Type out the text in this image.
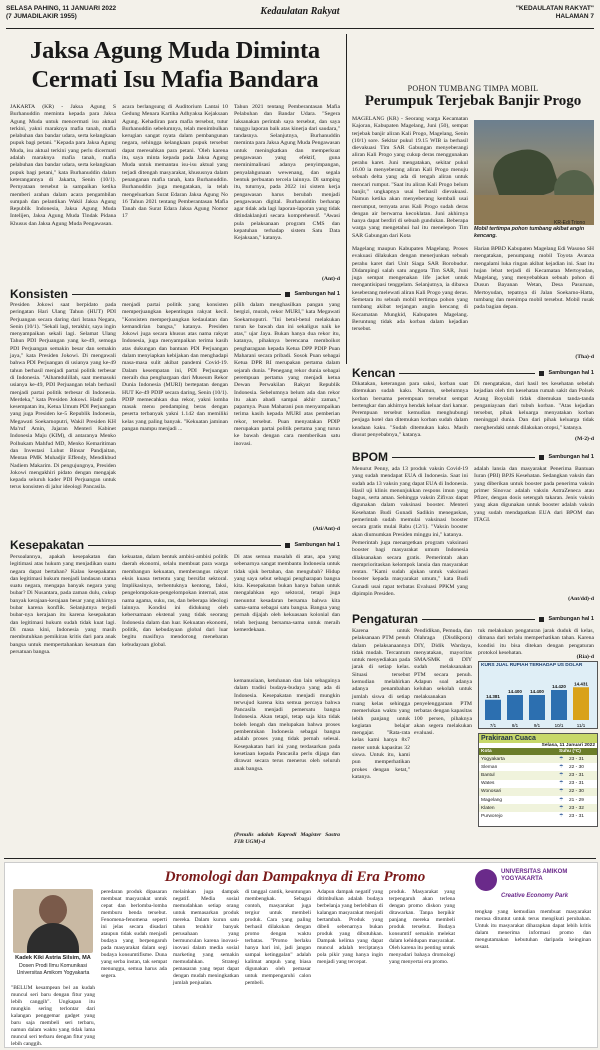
SELASA PAHING, 11 JANUARI 2022
(7 JUMADILAKIR 1955)	Kedaulatan Rakyat	"KEDAULATAN RAKYAT"
HALAMAN 7
Jaksa Agung Muda Diminta
Cermati Isu Mafia Bandara
JAKARTA (KR) - Jaksa Agung S Burhanuddin meminta kepada para Jaksa Agung Muda untuk mencermati isu aktual terkini, yakni maraknya mafia tanah, mafia pelabuhan dan bandar udara, serta kelangkaan pupuk bagi petani. "Kepada para Jaksa Agung Muda, isu aktual terkini yang perlu dicermati adalah maraknya mafia tanah, mafia pelabuhan dan bandar udara, serta kelangkaan pupuk bagi petani," kata Burhanuddin dalam keterangannya di Jakarta, Senin (10/1). Pernyataan tersebut ia sampaikan ketika memberi arahan dalam acara pengambilan sumpah dan pelantikan Wakil Jaksa Agung Republik Indonesia, Jaksa Agung Muda Intelijen, Jaksa Agung Muda Tindak Pidana Khusus dan Jaksa Agung Muda Pengawasan.
acara berlangsung di Auditorium Lantai 10 Gedung Menara Kartika Adhyaksa Kejaksaan Agung. Kehadiran para mafia tersebut, tutur Burhanuddin sebelumnya, telah menimbulkan kerugian sangat nyata dalam pembangunan negara, sehingga kelangkaan pupuk tersebut dapat meresahkan para petani. 'Oleh karena itu, saya minta kepada pada Jaksa Agung Muda untuk memantau isu-isu aktual yang terjadi ditengah masyarakat, khususnya dalam penanganan mafia tanah, kata Burhanuddin. Burhanuddin juga mengatakan, ia telah mengeluarkan Surat Edaran Jaksa Agung No 16 Tahun 2021 tentang Pemberantasan Mafia Tanah dan Surat Edara Jaksa Agung Nomor 17
Tahun 2021 tentang Pemberantasan Mafia Pelabuhan dan Bandar Udara. "Segera laksanakan perintah saya tersebut, dan saya tunggu laporan baik atas kinerja dari saudara," tandasnya. Selanjutnya, Burhanuddin meminta para Jaksa Agung Muda Pengawasan untuk meningkatkan dan memperkuat pengawasan yang efektif, guna meminimalisasi adanya penyimpangan, penyalahgunaan wewenang, dan segala bentuk perbuatan tercela lainnya. Di samping itu, tuturnya, pada 2022 ini sistem kerja pengawasan harus berubah menjadi pengawasan digital. Burhanuddin berharap agar tidak ada lagi laporan-laporan yang tidak ditindaklanjuti secara komprehensif. "Awasi pula pelaksanaan program CMS dan kepatuhan terhadap sistem Satu Data Kejaksaan," katanya.
(Ant)-d
POHON TUMBANG TIMPA MOBIL
Perumpuk Terjebak Banjir Progo
MAGELANG (KR) - Seorang warga Kecamatan Kajoran, Kabupaten Magelang, Juni (50), sempat terjebak banjir aliran Kali Progo, Magelang, Senin (10/1) sore. Sekitar pukul 19.15 WIB ia berhasil dievakuasi Tim SAR Gabungan menyeberangi aliran Kali Progo yang cukup deras menggunakan perahu karet. Juni mengatakan, sekitar pukul 16.00 ia menyeberang aliran Kali Progo menuju sebuah delta yang ada di tengah aliran untuk mencari rumput. "Saat itu aliran Kali Progo belum banjir," ungkapnya usai berhasil dievakuasi. Namun ketika akan menyeberang kembali usai merumput, ternyata arus Kali Progo sudah deras dengan air berwarna kecoklatan. Juni akhirnya hanya dapat berdiri di sebuah gundukan. Beberapa warga yang mengetahui hal itu menelepon Tim SAR Gabungan dari Kota
KR-Edi Triono
Mobil tertimpa pohon tumbang akibat angin kencang.
Magelang maupun Kabupaten Magelang. Proses evakuasi dilakukan dengan menerjunkan sebuah perahu karet dari Unit Siaga SAR Borobudur. Didampingi salah satu anggota Tim SAR, Juni juga sempat mengenakan life jacket untuk mengantisipasi tenggelam. Selanjutnya, ia dibawa keseberang melewati aliran Kali Progo yang deras. Semetara itu sebuah mobil tertimpa pohon yang tumbang akibat terjangan angin kencang di Kecamatan Mungkid, Kabupaten Magelang. Beruntung tidak ada korban dalam kejadian tersebut.
Harian BPBD Kabupaten Magelang Edi Wasono SH mengatakan, penumpang mobil Toyota Avanza mengalami luka ringan akibat kejadian ini. Saat itu hujan lebat terjadi di Kecamatan Mertoyudan, Magelang, yang menyebabkan sebuah pohon di Dusun Bayanan Wetan, Desa Pasuruan, Mertoyudan, tepatnya di Jalan Soekarno-Hatta, tumbang dan menimpa mobil tersebut. Mobil rusak pada bagian depan.
(Tha)-d
Konsisten	Sambungan hal 1
Presiden Jokowi saat berpidato pada peringatan Hari Ulang Tahun (HUT) PDI Perjuangan secara daring dari Istana Negara, Senin (10/1). "Sekali lagi, terakhir, saya ingin menyampaikan sekali lagi. Selamat Ulang Tahun PDI Perjuangan yang ke-49, semoga PDI Perjuangan semakin besar dan semakin jaya," kata Presiden Jokowi. Di mengawali bahwa PDI Perjuangan di usianya yang ke-49 tahun berhasil menjadi partai politik terbesar di Indonesia. "Alhamdulillah, saat memasuki usianya ke-49, PDI Perjuangan telah berhasil menjadi partai politik terbesar di Indonesia. Merdeka," kata Presiden Jokowi. Hadir pada kesempatan itu, Ketua Umum PDI Perjuangan yang juga Presiden ke-5 Republik Indonesia, Megawati Soekarnoputri, Wakil Presiden KH Ma'ruf Amin, Jajaran Menteri Kabinet Indonesia Maju (KIM), di antaranya Menko Polhukam Mahfud MD, Menko Kemaritiman dan Investasi Luhut Binsar Pandjaitan, Mentan PMK Muhadjir Effendy, Mendikbud Nadiem Makarim. Di pengujungnya, Presiden Jokowi mengakhiri pidato dengan mengajak kepada seluruh kader PDI Perjuangan untuk terus konsisten di jalur ideologi Pancasila.
menjadi partai politik yang konsisten memperjuangkan kepentingan rakyat kecil. "Konsisten memperjuangkan kedaulatan dan kemandirian bangsa," katanya. Presiden Jokowi juga secara khusus atas nama rakyat Indonesia, juga menyampaikan terima kasih atas dukungan dan bantuan PDI Perjuangan dalam menyiapkan kebijakan dan menghadapi masa-masa sulit akibat pandemi Covid-19. Dalam kesempatan ini, PDI Perjuangan meraih dua penghargaan dari Museum Rekor Dunia Indonesia (MURI) bertepatan dengan HUT Ke-49 PDIP secara daring, Senin (10/1). PDIP memecahkan dua rekor, yakni lomba masak menu pendamping beras dengan peserta terbanyak yakni 1.142 dan memiliki kelas yang paling banyak. "Kekuatan jaminan pangan mampu menjadi ...
pilih dalam menghasilkan pangan yang bergizi, murah, rekor MURI," kata Megawati Soekarnoputri. "Ini betul-betul melakukan turun ke bawah dan ini sekaligus naik ke atas," ujar Jaya. Bukan hanya dua rekor itu, katanya, pihaknya berencana memboikot pengharagaan kepada Ketua DPP PDIP Puan Maharani secara pribadi. Sosok Puan sebagai Ketua DPR RI merupakan pertama dalam sejarah dunia. "Penegang rekor dunia sebagai perempuan pertama yang menjadi ketua Dewan Perwakilan Rakyat Republik Indonesia. Sebelumnya belum ada dan rekor itu akan abadi sampai akhir zaman," paparnya. Puan Maharani pun menyampaikan terima kasih kepada MURI atas pemberian rekor, tersebut. Puan menyatakan PDIP merupakan partai politik pertama yang turun ke bawah dengan cara memberikan satu inovasi.
(Ati/Ant)-d
Kencan	Sambungan hal 1
Dikatakan, keterangan para saksi, korban saat ditemukan sudah kaku. Namun, sebelumnya korban bersama perempuan tersebut sempat bertengkar dan akhirnya hendak keluar dari kamar. Perempuan tersebut kemudian menghubungi penjaga hotel dan ditemukan korban sudah dalam keadaan kaku. "Sudah ditemukan kaku. Masih diusut penyebabnya," katanya.
Di mengatakan, dari hasil tes kesehatan sebelah kejadian oleh tim kesehatan rumah sakit dan Polsek Arang Boyolali tidak ditemukan tanda-tanda penganiayaan dari tubuh korban. "Atas kejadian tersebut, pihak keluarga menyatakan korban meninggal dunia. Dan dari pihak keluarga tidak menghendaki untuk dilakukan otopsi," katanya.
(M-2)-d
BPOM	Sambungan hal 1
Menurut Penny, ada 13 produk vaksin Covid-19 yang sudah mendapat EUA di Indonesia. Saat ini sudah ada 13 vaksin yang dapat EUA di Indonesia. Hasil uji klinis menunjukkan respons imun yang bagus, serta aman. Sehingga vaksin Zifivax dapat digunakan dalam vaksinasi booster. Menteri Kesehatan Budi Gunadi Sadikin menegaskan, pemerintah sudah memulai vaksinasi booster secara gratis mulai Rabu (12/1). "Vaksin booster akan diumumkan Presiden minggu ini," katanya.
Pemerintah juga menargetkan program vaksinasi booster bagi masyarakat umum Indonesia dilaksanakan secara gratis. Pemerintah akan memprioritaskan kelompok lansia dan masyarakat rentan. "Kami sudah ajukan untuk vaksinasi booster kepada masyarakat umum," kata Budi Gunadi usai rapat terbatas Evaluasi PPKM yang dipimpin Presiden.
adalah lansia dan masyarakat Penerima Bantuan Iuran (PBI) BPJS Kesehatan. Sedangkan vaksin dan yang diberikan untuk booster pada penerima vaksin primer Sinovac adalah vaksin AstraZeneca atau Pfizer, dengan dosis setengah takaran. Jenis vaksin yang akan digunakan untuk booster adalah vaksin yang sudah mendapatkan EUA dari BPOM dan ITAGI.
(Ant/dd)-d
Kesepakatan	Sambungan hal 1
Persoalannya, apakah kesepakatan dan legitimasi atas hukum yang menjadikan suatu negara dapat bertahan? Kalau kesepakatan dan legitimasi hukum menjadi landasan utama suatu negara, mengapa banyak negara yang bubar? Di Nusantara, pada zaman dulu, cukup banyak kerajaan-kerajaan besar yang akhirnya bubar karena konflik. Selanjutnya terjadi bubar-nya kerajaan itu karena kesepakatan dan legitimasi hukum sudah tidak kuat lagi. Di masa kini, Indonesia yang masih membutuhkan pemikiran kritis dari para anak bangsa untuk mempertahankan kesatuan dan persatuan bangsa.
kekuatan, dalam bentuk ambisi-ambisi politik daerah ekonomi, selalu membuat para warga membangun kekuatan, memberangus rakyat eksis kuasa tertentu yang bersifat sektoral. Implikasinya, terbentuknya kentong, faksi, pengelompokan-pengelompokan internal, atas nama agama, suku, ras, dan beberapa ideologi lainnya. Kondisi ini didukung oleh kebersamaan ekstenal yang tidak seorang Indonesia dalam dan luar. Kekuatan ekonomi, politik, dan kebudayaan global dari luar begitu masifnya mendorong menebaran kebudayaan global.
Di atas semua masalah di atas, apa yang sebenarnya sangat membantu Indonesia untuk tidak ujuk bertahan, dan mengubah? Hidup yang saya sebut sebagai pengharapan bangsa kita. Kesepakatan bukan hanya bahan untuk mengalahkan ego sektoral, tetapi juga menuntut kesadaran bersama bahwa kita sama-sama sebagai satu bangsa. Bangsa yang pernah dijajah oleh kekuasaan kolonial dan telah berjuang bersama-sama untuk meraih kemerdekaan.
kemanusiaan, ketuhanan dan lain sebagainya dalam tradisi budaya-budaya yang ada di Indonesia. Kesepakatan menjadi mungkin terwujud karena kita semua percaya bahwa Pancasila menjadi pemersatu bangsa Indonesia. Akan tetapi, tetap saja kita tidak boleh lengah dan melupakan bahwa proses pembentukan Indonesia sebagai bangsa adalah proses yang tidak pernah selesai. Kesepakatan hari ini yang terdasarkan pada kesetiaan kepada Pancasila perlu dijaga dan dirawat secara terus menerus oleh seluruh anak bangsa.
(Penulis adalah Kaprodi Magister Sastra FIB UGM)-d
Pengaturan	Sambungan hal 1
Karena untuk pelaksanaan PTM penuh dalam pelaksanaannya tidak mudah. Tercantum untuk menyediakan pada jarak di setiap kelas. Situasi tersebut kemudian melahirkan adanya penambahan jumlah siswa di setiap ruang kelas sehingga memerlukan waktu yang lebih panjang untuk kegiatan belajar mengajar. "Rata-rata kelas kami hanya 8x7 meter untuk kapasitas 32 siswa. Untuk itu, kami pun memperhatikan prokes dengan ketat," katanya.
Pendidikan, Pemuda, dan Olahraga (Disdikpora) DIY, Didik Wardaya, menyatakan, mayoritas SMA/SMK di DIY sudah melaksanakan PTM secara penuh. Adapun soal adanya keluhan sekolah untuk melaksanakan penyelenggaraan PTM terbatas dengan kapasitas 100 persen, pihaknya akan segera melakukan evaluasi.
tuk melakukan pengaturan jarak duduk di kelas, dimana dari terlalu memperhatikan tahan. Karena kondisi itu bisa ditekan dengan pengaturan protokol kesehatan.
(Ria)-d
KURS JUAL RUPIAH TERHADAP US DOLAR
14.381
7/1
14.400
8/1
14.400
9/1
14.420
10/1
14.431
11/1
Prakiraan Cuaca
Selasa, 11 Januari 2022
Kota	Suhu (°C)
Yogyakarta	☂	23 - 31
Sleman	☂	22 - 30
Bantul	☂	23 - 31
Wates	☂	23 - 31
Wonosari	☂	22 - 30
Magelang	☂	21 - 29
Klaten	☂	23 - 32
Purworejo	☂	23 - 31
Dromologi dan Dampaknya di Era Promo
Kadek Kiki Astria Silsim, MA
Dosen Prodi Ilmu Komunikasi Universitas Amikom Yogyakarta
"BELUM kesampean bel an kudah muncul seri baru dengan fitur yang lebih canggih". Ungkapan itu mungkin sering terlontar dari kalangan penggemar gadget yang baru saja membeli seri terbaru, namun dalam waktu yang tidak lama muncul seri terbaru dengan fitur yang lebih canggih.
peredaran produk dipasaran membuat masyarakat untuk cepat dan berlomba-lomba memburu benda tersebut. Fenomena-fenomena seperti ini jelas secara disadari ataupun tidak sudah menjadi budaya yang berpengaruh pada masyarakat dalam segi budaya konsumtifisme. Duna yang serba instan, tak sempat menunggu, semua harus ada segera.
melainkan juga dampak negatif. Media sosial memudahkan setiap orang untuk memasarkan produk mereka. Dalam kurun satu tahun terakhir banyak perusahaan yang bermunculan karena inovasi-inovasi dalam media sosial marketing yang semakin memudahkan. Strategi pemasaran yang tepat dapat dengan mudah meningkatkan jumlah penjualan.
di tanggal cantik, keuntungan membengkak. Sebagai contoh, masyarakat juga tergiur untuk membeli produk. Cara yang paling berhasil dilakukan dengan promo dengan waktu terbatas. "Promo berlaku hanya hari ini, jadi jangan sampai ketinggalan" adalah kalimat ampuh yang biasa digunakan oleh pemasar untuk mempengaruhi calon pembeli.
Adapun dampak negatif yang ditimbulkan adalah budaya berbelanja yang berlebihan di kalangan masyarakat menjadi bertambah. Produk yang dibeli sebenarnya bukan produk yang dibutuhkan. Dampak kelima yang dapat muncul adalah terciptanya pola pikir yang hanya ingin menjadi yang tercepat.
produk. Masyarakat yang terpengaruh akan terlena dengan promo diskon yang ditawarkan. Tanpa berpikir panjang mereka membeli produk tersebut. Budaya konsumtif semakin melekat dalam kehidupan masyarakat. Oleh karena itu penting untuk menyadari bahaya dromologi yang menyertai era promo.
UNIVERSITAS AMIKOM YOGYAKARTA
Creative Economy Park
tengkap yang kemudian membuat masyarakat merasa dituntut untuk terus mengikuti perubahan. Untuk itu masyarakat diharapkan dapat lebih kritis dalam menerima informasi promo dan mengutamakan kebutuhan daripada keinginan sesaat.
